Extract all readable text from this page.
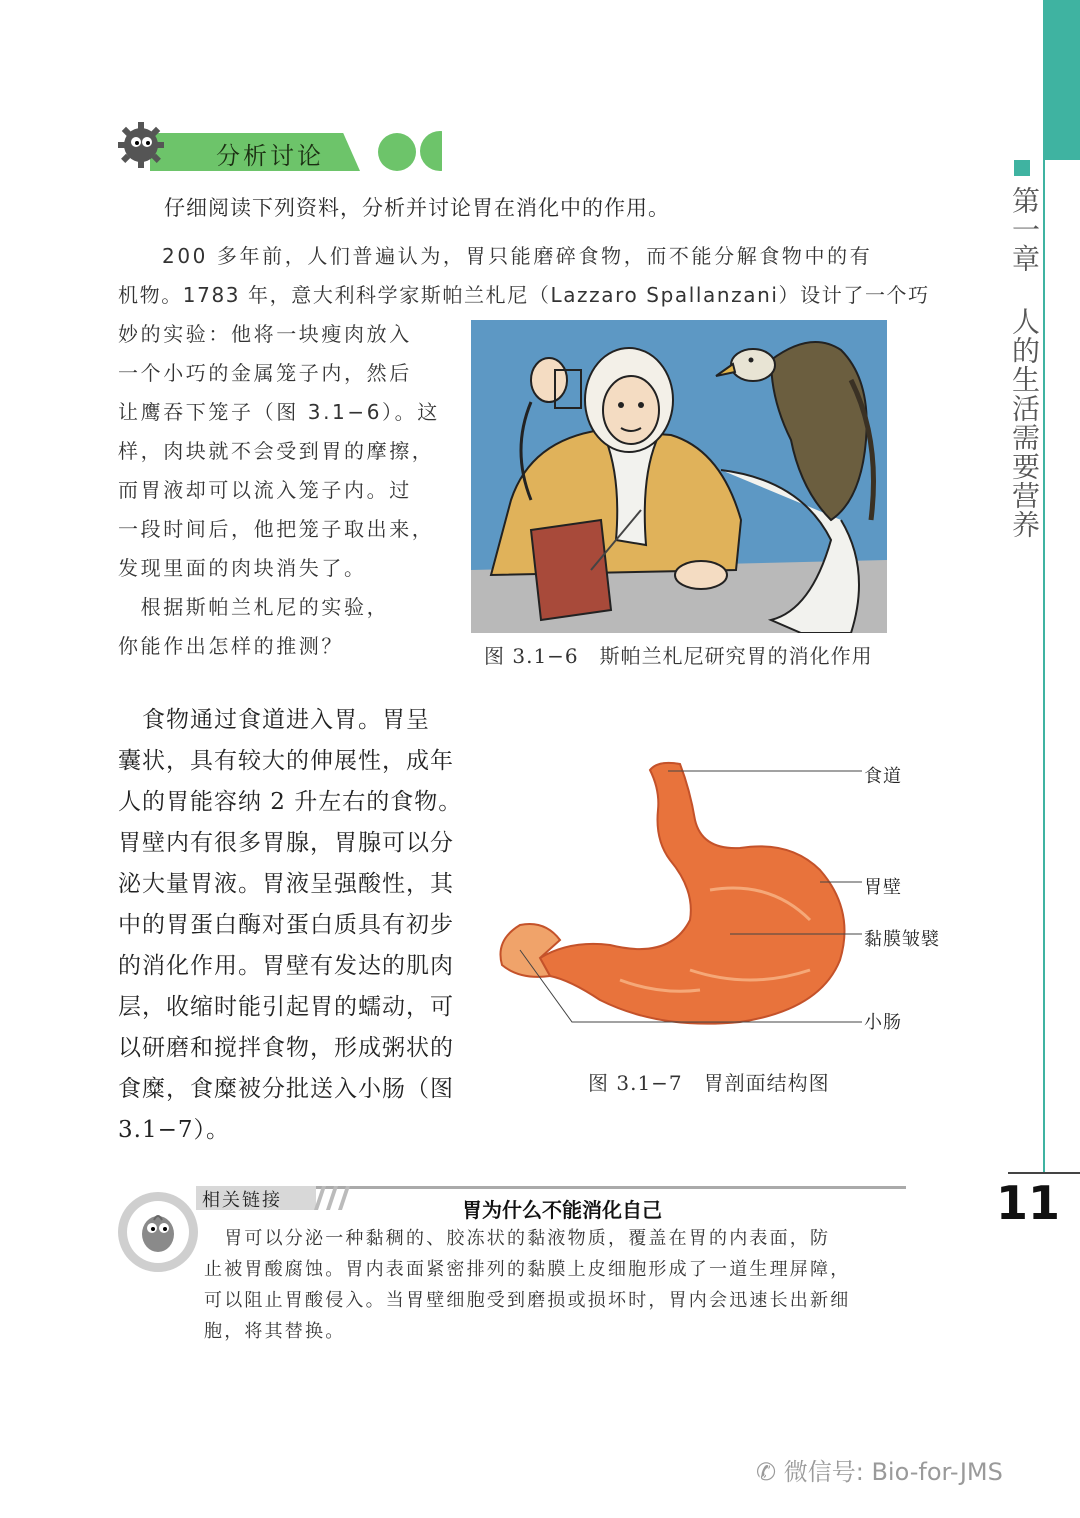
第一章 人的生活需要营养
11
分析讨论
仔细阅读下列资料，分析并讨论胃在消化中的作用。
200 多年前，人们普遍认为，胃只能磨碎食物，而不能分解食物中的有
机物。1783 年，意大利科学家斯帕兰札尼（Lazzaro Spallanzani）设计了一个巧
妙的实验：他将一块瘦肉放入
一个小巧的金属笼子内，然后
让鹰吞下笼子（图 3.1−6）。这
样，肉块就不会受到胃的摩擦，
而胃液却可以流入笼子内。过
一段时间后，他把笼子取出来，
发现里面的肉块消失了。
　根据斯帕兰札尼的实验，
你能作出怎样的推测？	图 3.1−6　斯帕兰札尼研究胃的消化作用
　食物通过食道进入胃。胃呈
囊状，具有较大的伸展性，成年
人的胃能容纳 2 升左右的食物。
胃壁内有很多胃腺，胃腺可以分
泌大量胃液。胃液呈强酸性，其
中的胃蛋白酶对蛋白质具有初步
的消化作用。胃壁有发达的肌肉
层，收缩时能引起胃的蠕动，可
以研磨和搅拌食物，形成粥状的
食糜，食糜被分批送入小肠（图
3.1−7）。
食道
胃壁
黏膜皱襞
小肠
图 3.1−7　胃剖面结构图
相关链接	胃为什么不能消化自己
　胃可以分泌一种黏稠的、胶冻状的黏液物质，覆盖在胃的内表面，防
止被胃酸腐蚀。胃内表面紧密排列的黏膜上皮细胞形成了一道生理屏障，
可以阻止胃酸侵入。当胃壁细胞受到磨损或损坏时，胃内会迅速长出新细
胞，将其替换。
✆ 微信号: Bio-for-JMS
